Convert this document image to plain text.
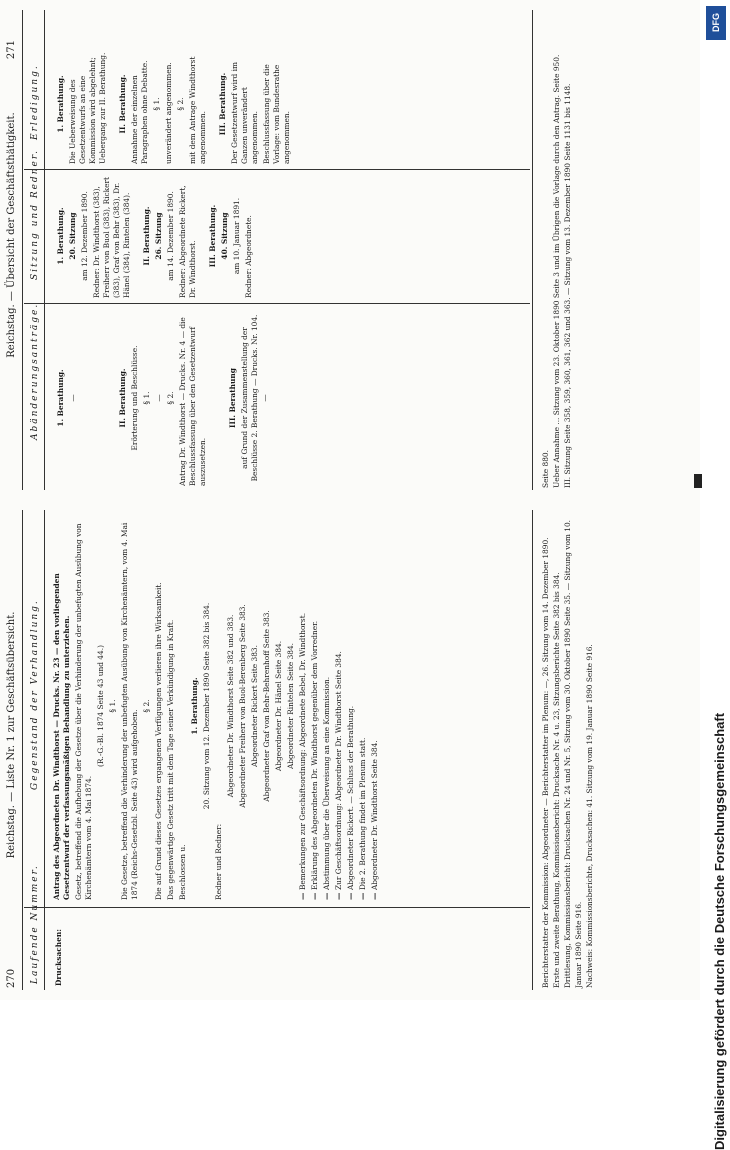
270
Reichstag. — Liste Nr. 1 zur Geschäftsübersicht.
Laufende Nummer.
Gegenstand der Verhandlung.
Drucksachen:

Antrag des Abgeordneten Dr. Windthorst — Drucks. Nr. 23 — den vorliegenden Gesetzentwurf der verfassungsmäßigen Behandlung zu unterziehen. Gesetz, betreffend die Aufhebung der Gesetze über die Verhinderung der unbefugten Ausübung von Kirchenämtern vom 4. Mai 1874.

(R.-G.-Bl. 1874 Seite 43 und 44.) § 1. Die Gesetze, betreffend die Verhinderung der unbefugten Ausübung von Kirchenämtern, vom 4. Mai 1874 (Reichs-Gesetzbl. Seite 43) wird aufgehoben.

§ 2. Die auf Grund dieses Gesetzes ergangenen Verfügungen verlieren ihre Wirksamkeit. Das gegenwärtige Gesetz tritt mit dem Tage seiner Verkündigung in Kraft. Beschlossen u.

1. Berathung. 20. Sitzung vom 12. Dezember 1890 Seite 382 bis 384.

Redner und Redner:

Abgeordneter Dr. Windthorst Seite 382 und 383. Abgeordneter Freiherr von Buol-Berenberg Seite 383. Abgeordneter Rickert Seite 383. Abgeordneter Graf von Behr-Behrenhoff Seite 383. Abgeordneter Dr. Hänel Seite 384. Abgeordneter Rintelen Seite 384.

— Bemerkungen zur Geschäftsordnung: Abgeordnete Bebel, Dr. Windthorst.

— Erklärung des Abgeordneten Dr. Windthorst gegenüber dem Vorredner.

— Abstimmung über die Überweisung an eine Kommission.

— Zur Geschäftsordnung: Abgeordneter Dr. Windthorst Seite 384.

— Abgeordneter Rickert. — Schluss der Berathung.

— Die 2. Berathung findet im Plenum statt.

— Abgeordneter Dr. Windthorst Seite 384.	Berichterstatter der Kommission: Abgeordneter — Berichterstatter im Plenum: —, 26. Sitzung vom 14. Dezember 1890. Erste und zweite Berathung, Kommissionsbericht: Drucksache Nr. 4 u. 23, Sitzungsberichte Seite 382 bis 384. Drittlesung, Kommissionsbericht: Drucksachen Nr. 24 und Nr. 5, Sitzung vom 30. Oktober 1890 Seite 35. — Sitzung vom 10. Januar 1890 Seite 916. Nachweis: Kommissionsberichte, Drucksachen: 41. Sitzung vom 19. Januar 1890 Seite 916.

Reichstag. — Übersicht der Geschäftsthätigkeit.
271
Abänderungsanträge.
Sitzung und Redner.
Erledigung.

1. Berathung. —	II. Berathung. Erörterung und Beschlüsse. § 1. — § 2. Antrag Dr. Windthorst — Drucks. Nr. 4 — die Beschlussfassung über den Gesetzentwurf auszusetzen.

III. Berathung auf Grund der Zusammenstellung der Beschlüsse 2. Berathung — Drucks. Nr. 104. —

1. Berathung. 20. Sitzung am 12. Dezember 1890. Redner: Dr. Windthorst (383), Freiherr von Buol (383), Rickert (383), Graf von Behr (383), Dr. Hänel (384), Rintelen (384). II. Berathung. 26. Sitzung am 14. Dezember 1890. Redner: Abgeordnete Rickert, Dr. Windthorst.

III. Berathung. 40. Sitzung am 10. Januar 1891. Redner: Abgeordnete.

1. Berathung. Die Ueberweisung des Gesetzentwurfs an eine Kommission wird abgelehnt; Uebergang zur II. Berathung. II. Berathung. Annahme der einzelnen Paragraphen ohne Debatte. § 1. unverändert angenommen. § 2. mit dem Antrage Windthorst angenommen.

III. Berathung. Der Gesetzentwurf wird im Ganzen unverändert angenommen. Beschlussfassung über die Vorlage: vom Bundesrathe angenommen.

Seite 880. Ueber Annahme ... Sitzung vom 23. Oktober 1890 Seite 3 und im Übrigen die Vorlage durch den Antrag. Seite 950. III. Sitzung Seite 358, 359, 360, 361, 362 und 363. — Sitzung vom 13. Dezember 1890 Seite 1131 bis 1148.

DFG
Digitalisierung gefördert durch die Deutsche Forschungsgemeinschaft
